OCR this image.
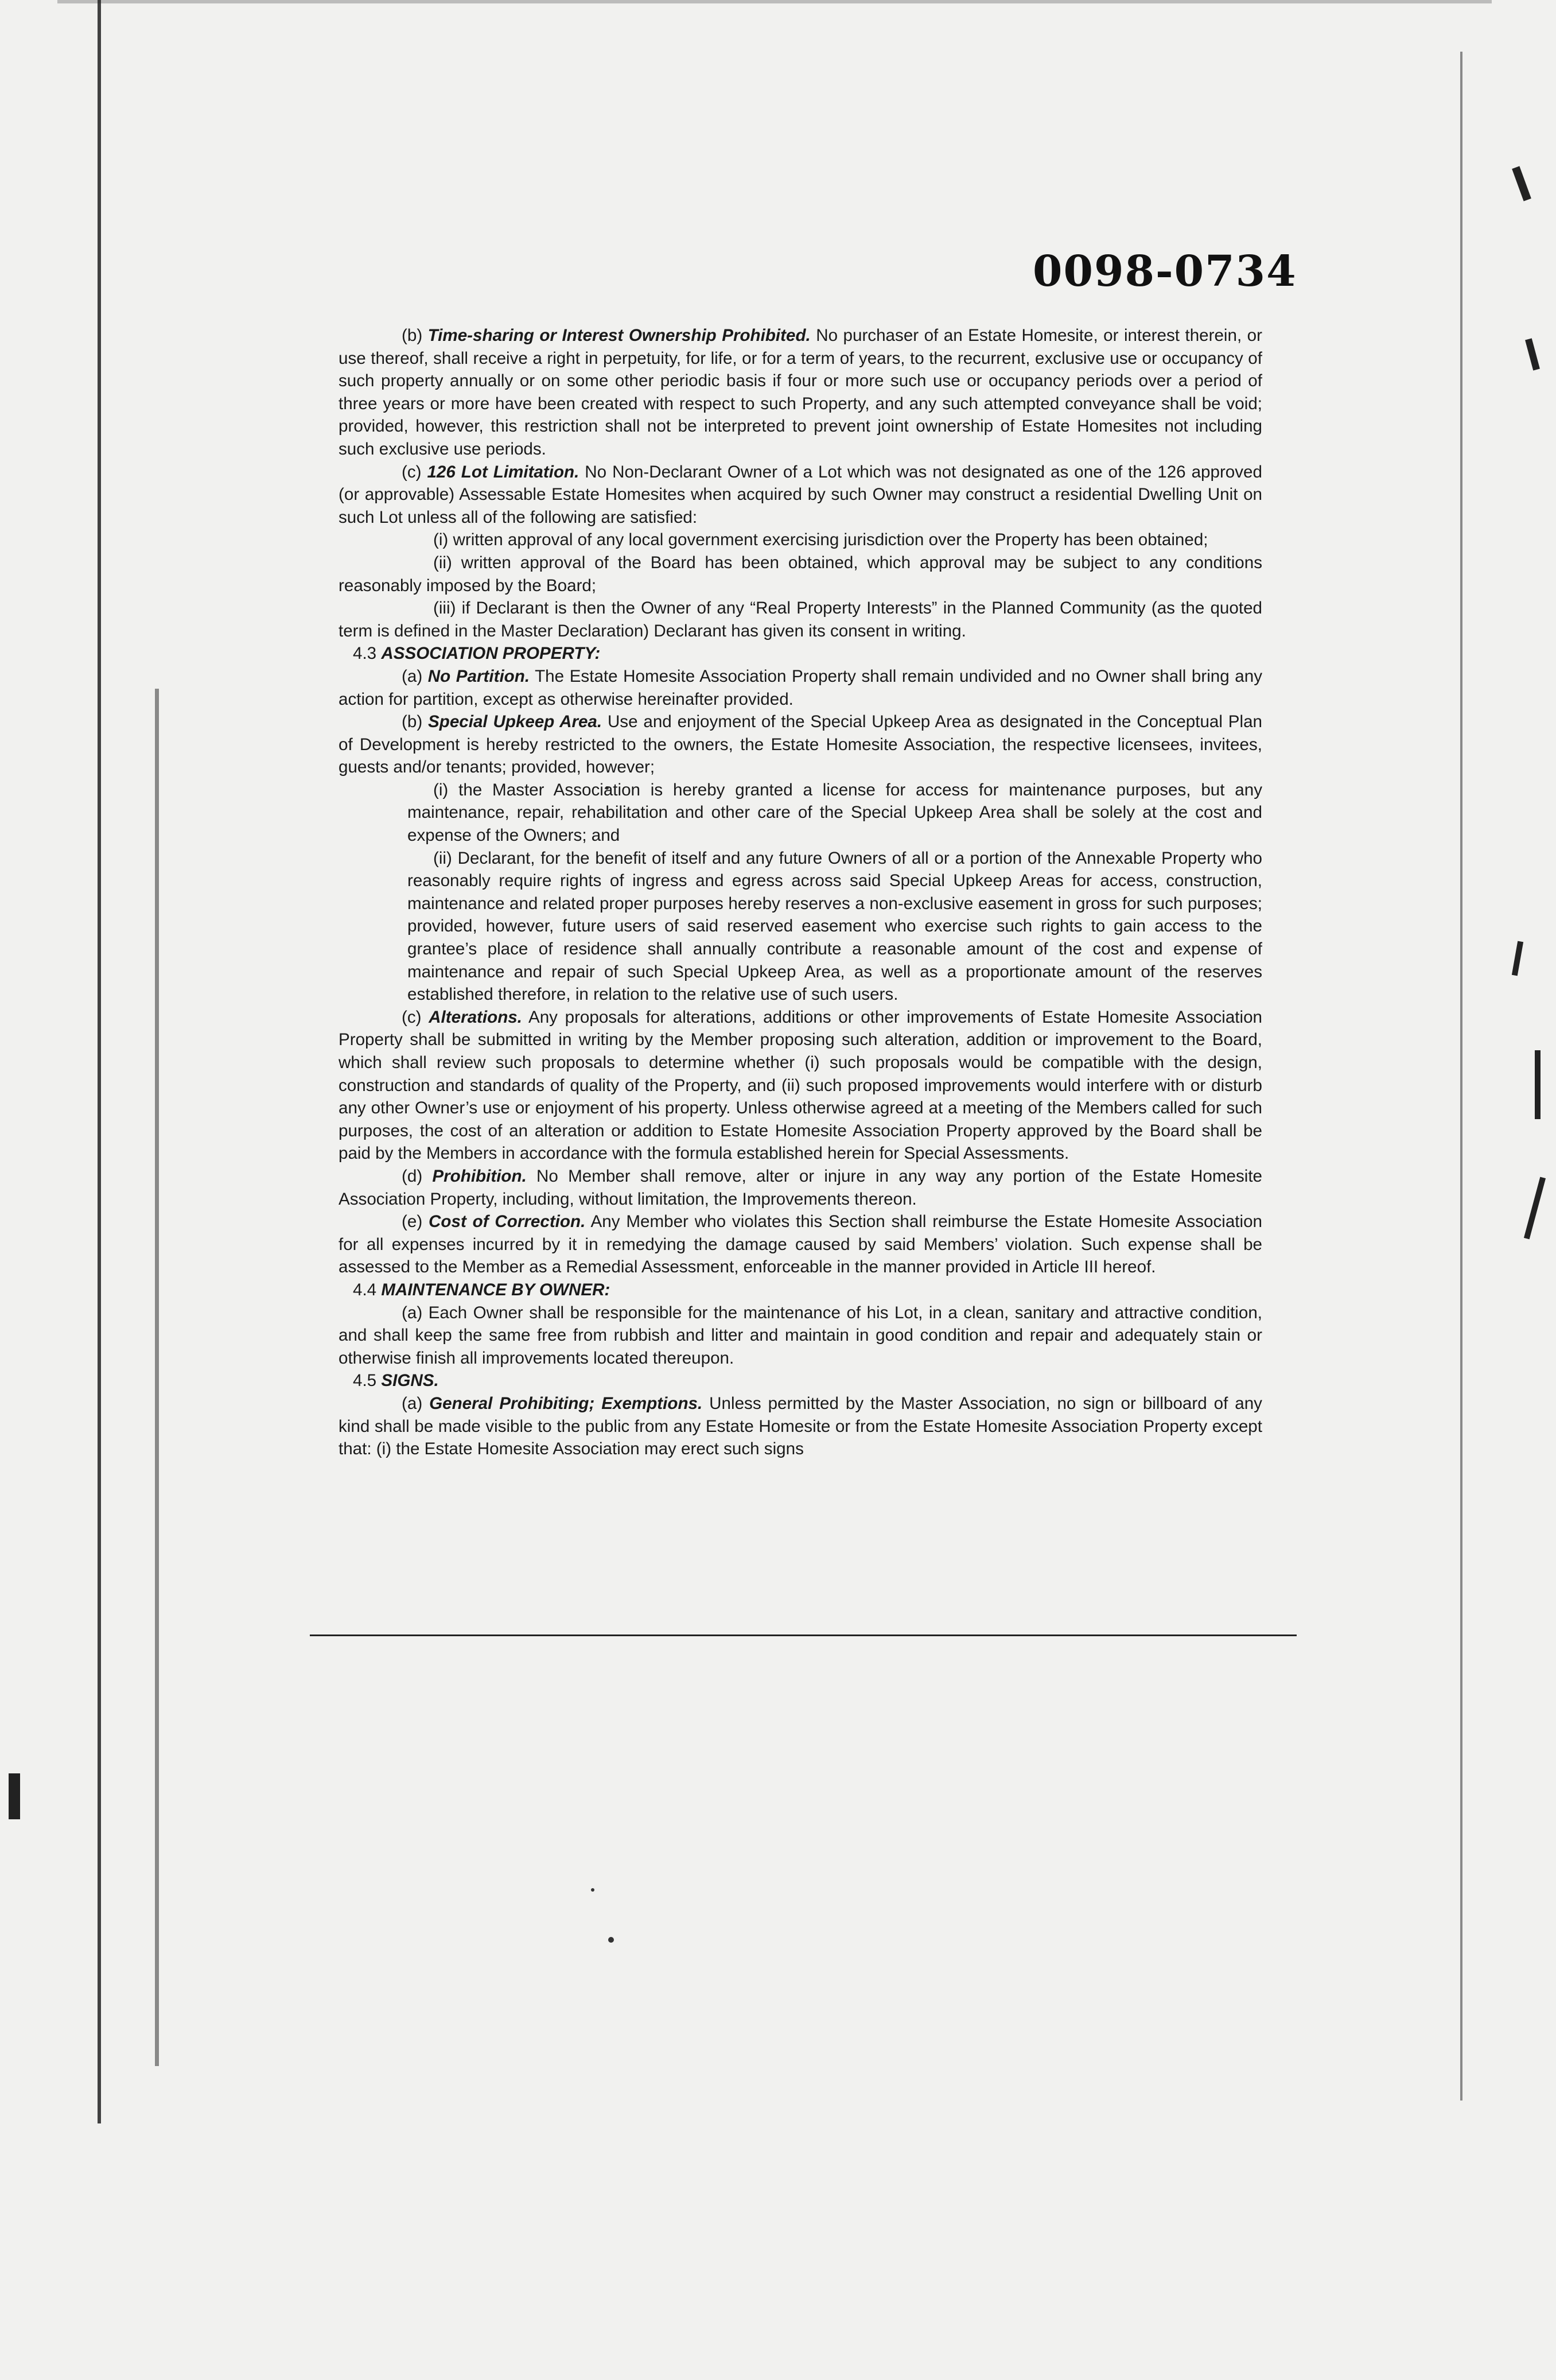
0098-0734

(b) Time-sharing or Interest Ownership Prohibited. No purchaser of an Estate Homesite, or interest therein, or use thereof, shall receive a right in perpetuity, for life, or for a term of years, to the recurrent, exclusive use or occupancy of such property annually or on some other periodic basis if four or more such use or occupancy periods over a period of three years or more have been created with respect to such Property, and any such attempted conveyance shall be void; provided, however, this restriction shall not be interpreted to prevent joint ownership of Estate Homesites not including such exclusive use periods.

(c) 126 Lot Limitation. No Non-Declarant Owner of a Lot which was not designated as one of the 126 approved (or approvable) Assessable Estate Homesites when acquired by such Owner may construct a residential Dwelling Unit on such Lot unless all of the following are satisfied:

(i) written approval of any local government exercising jurisdiction over the Property has been obtained;

(ii) written approval of the Board has been obtained, which approval may be subject to any conditions reasonably imposed by the Board;

(iii) if Declarant is then the Owner of any “Real Property Interests” in the Planned Community (as the quoted term is defined in the Master Declaration) Declarant has given its consent in writing.

4.3 ASSOCIATION PROPERTY:

(a) No Partition. The Estate Homesite Association Property shall remain undivided and no Owner shall bring any action for partition, except as otherwise hereinafter provided.

(b) Special Upkeep Area. Use and enjoyment of the Special Upkeep Area as designated in the Conceptual Plan of Development is hereby restricted to the owners, the Estate Homesite Association, the respective licensees, invitees, guests and/or tenants; provided, however;

(i) the Master Association is hereby granted a license for access for maintenance purposes, but any maintenance, repair, rehabilitation and other care of the Special Upkeep Area shall be solely at the cost and expense of the Owners; and

(ii) Declarant, for the benefit of itself and any future Owners of all or a portion of the Annexable Property who reasonably require rights of ingress and egress across said Special Upkeep Areas for access, construction, maintenance and related proper purposes hereby reserves a non-exclusive easement in gross for such purposes; provided, however, future users of said reserved easement who exercise such rights to gain access to the grantee’s place of residence shall annually contribute a reasonable amount of the cost and expense of maintenance and repair of such Special Upkeep Area, as well as a proportionate amount of the reserves established therefore, in relation to the relative use of such users.

(c) Alterations. Any proposals for alterations, additions or other improvements of Estate Homesite Association Property shall be submitted in writing by the Member proposing such alteration, addition or improvement to the Board, which shall review such proposals to determine whether (i) such proposals would be compatible with the design, construction and standards of quality of the Property, and (ii) such proposed improvements would interfere with or disturb any other Owner’s use or enjoyment of his property. Unless otherwise agreed at a meeting of the Members called for such purposes, the cost of an alteration or addition to Estate Homesite Association Property approved by the Board shall be paid by the Members in accordance with the formula established herein for Special Assessments.

(d) Prohibition. No Member shall remove, alter or injure in any way any portion of the Estate Homesite Association Property, including, without limitation, the Improvements thereon.

(e) Cost of Correction. Any Member who violates this Section shall reimburse the Estate Homesite Association for all expenses incurred by it in remedying the damage caused by said Members’ violation. Such expense shall be assessed to the Member as a Remedial Assessment, enforceable in the manner provided in Article III hereof.

4.4 MAINTENANCE BY OWNER:

(a) Each Owner shall be responsible for the maintenance of his Lot, in a clean, sanitary and attractive condition, and shall keep the same free from rubbish and litter and maintain in good condition and repair and adequately stain or otherwise finish all improvements located thereupon.

4.5 SIGNS.

(a) General Prohibiting; Exemptions. Unless permitted by the Master Association, no sign or billboard of any kind shall be made visible to the public from any Estate Homesite or from the Estate Homesite Association Property except that: (i) the Estate Homesite Association may erect such signs
